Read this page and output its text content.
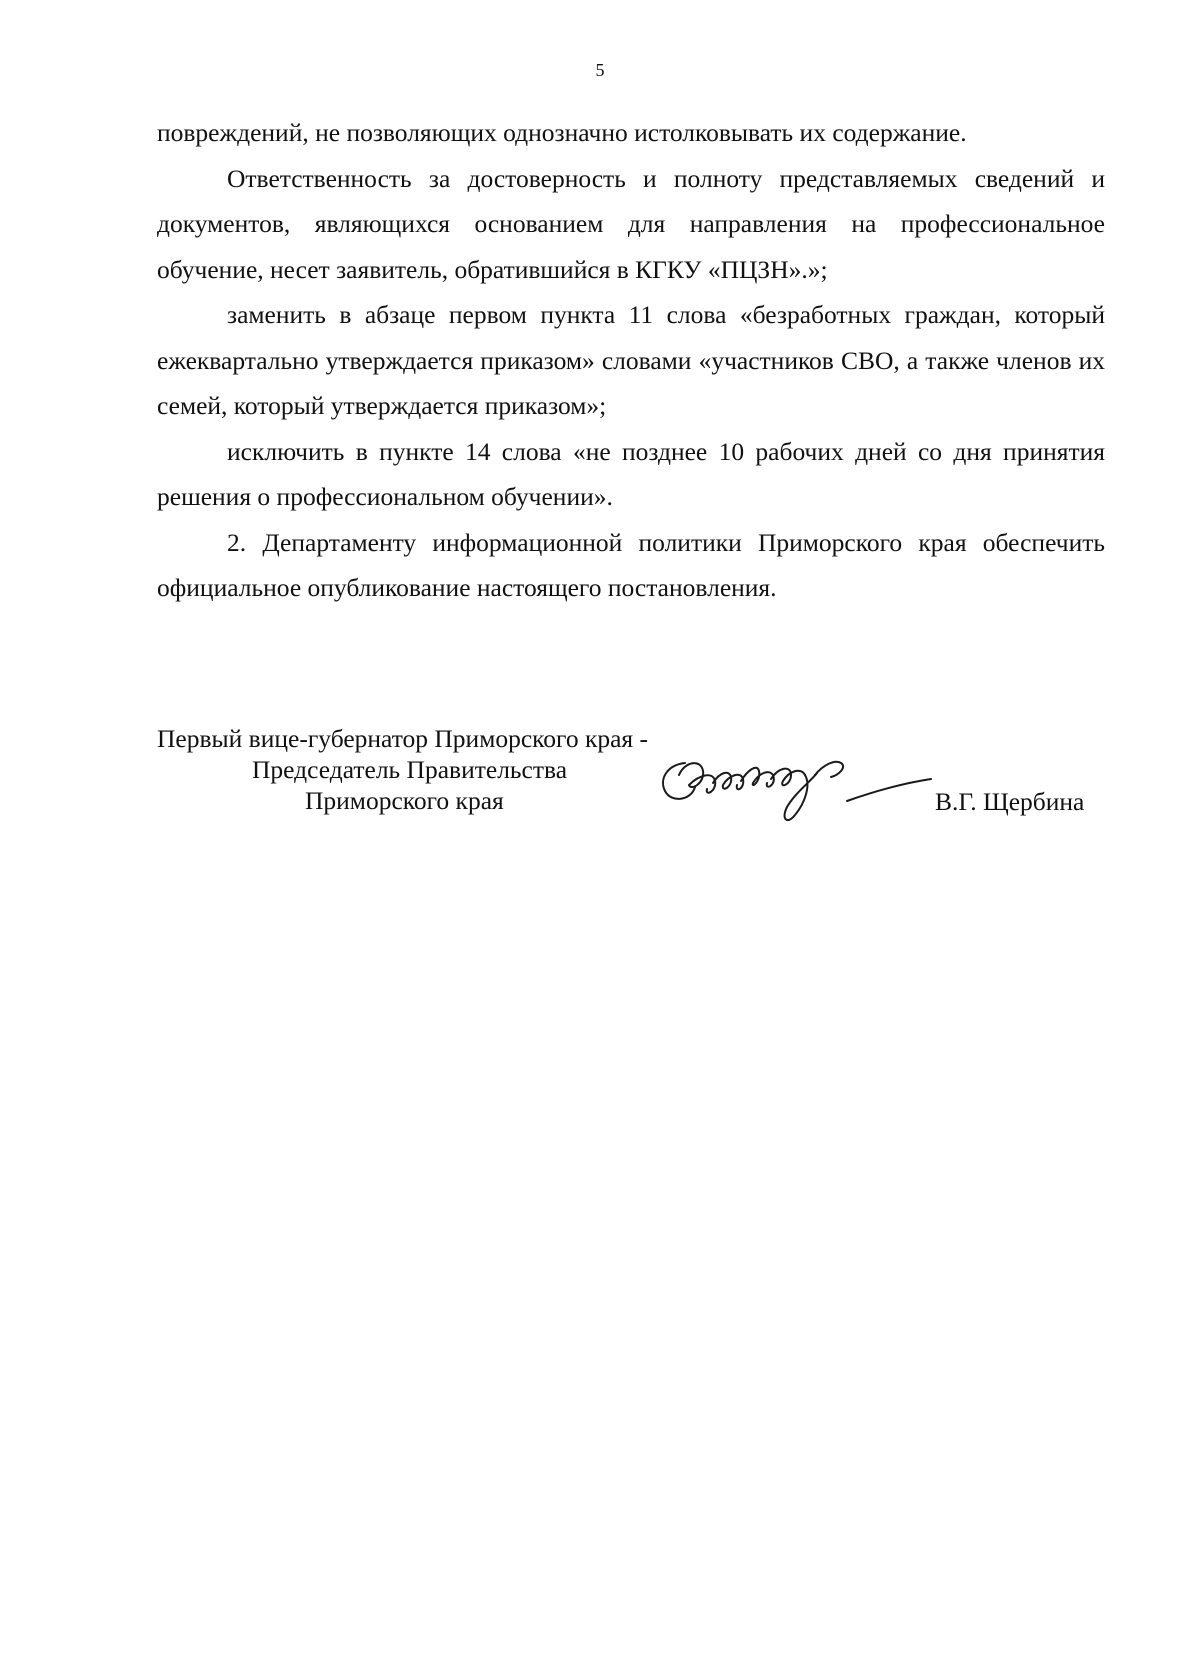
5

повреждений, не позволяющих однозначно истолковывать их содержание.

Ответственность за достоверность и полноту представляемых сведений и документов, являющихся основанием для направления на профессиональное обучение, несет заявитель, обратившийся в КГКУ «ПЦЗН».»;

заменить в абзаце первом пункта 11 слова «безработных граждан, который ежеквартально утверждается приказом» словами «участников СВО, а также членов их семей, который утверждается приказом»;

исключить в пункте 14 слова «не позднее 10 рабочих дней со дня принятия решения о профессиональном обучении».

2. Департаменту информационной политики Приморского края обеспечить официальное опубликование настоящего постановления.

Первый вице-губернатор Приморского края -
Председатель Правительства
Приморского края	В.Г. Щербина
